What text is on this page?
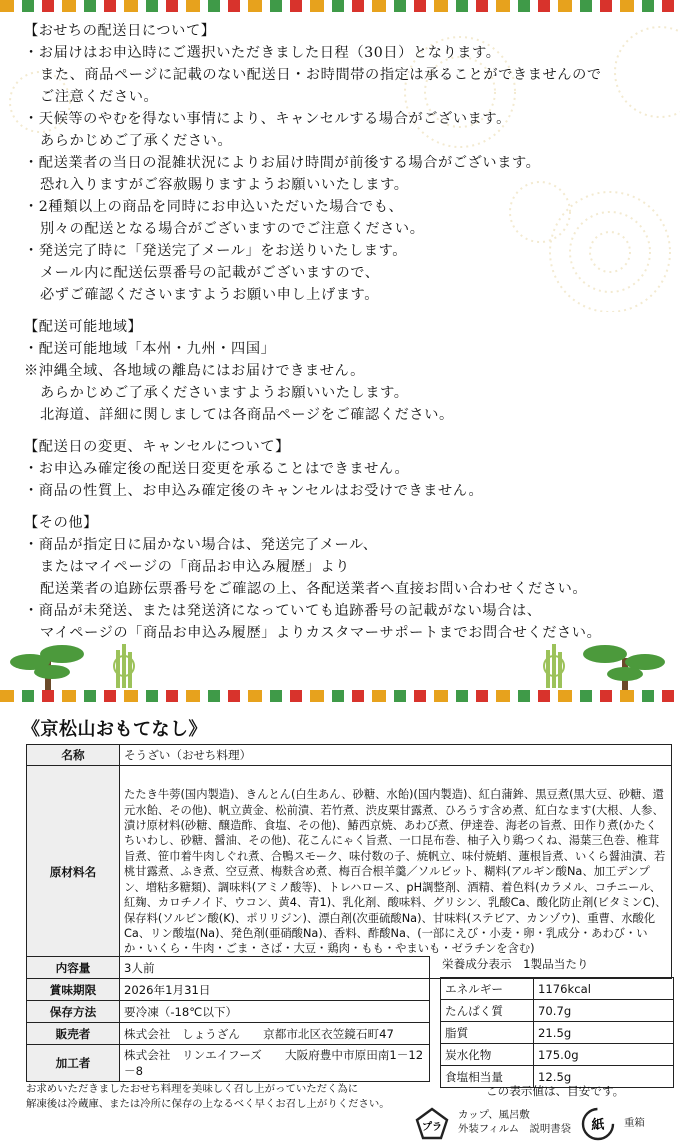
【おせちの配送日について】
・お届けはお申込時にご選択いただきました日程（30日）となります。
また、商品ページに記載のない配送日・お時間帯の指定は承ることができませんので
ご注意ください。
・天候等のやむを得ない事情により、キャンセルする場合がございます。
あらかじめご了承ください。
・配送業者の当日の混雑状況によりお届け時間が前後する場合がございます。
恐れ入りますがご容赦賜りますようお願いいたします。
・2種類以上の商品を同時にお申込いただいた場合でも、
別々の配送となる場合がございますのでご注意ください。
・発送完了時に「発送完了メール」をお送りいたします。
メール内に配送伝票番号の記載がございますので、
必ずご確認くださいますようお願い申し上げます。
【配送可能地域】
・配送可能地域「本州・九州・四国」
※沖縄全域、各地域の離島にはお届けできません。
あらかじめご了承くださいますようお願いいたします。
北海道、詳細に関しましては各商品ページをご確認ください。
【配送日の変更、キャンセルについて】
・お申込み確定後の配送日変更を承ることはできません。
・商品の性質上、お申込み確定後のキャンセルはお受けできません。
【その他】
・商品が指定日に届かない場合は、発送完了メール、
またはマイページの「商品お申込み履歴」より
配送業者の追跡伝票番号をご確認の上、各配送業者へ直接お問い合わせください。
・商品が未発送、または発送済になっていても追跡番号の記載がない場合は、
マイページの「商品お申込み履歴」よりカスタマーサポートまでお問合せください。
《京松山おもてなし》
名称	そうざい（おせち料理）
原材料名	たたき牛蒡(国内製造)、きんとん(白生あん、砂糖、水飴)(国内製造)、紅白蒲鉾、黒豆煮(黒大豆、砂糖、還元水飴、その他)、帆立黄金、松前漬、若竹煮、渋皮栗甘露煮、ひろうす含め煮、紅白なます(大根、人参、漬け原材料(砂糖、醸造酢、食塩、その他)、鰆西京焼、あわび煮、伊達巻、海老の旨煮、田作り煮(かたくちいわし、砂糖、醤油、その他)、花こんにゃく旨煮、一口昆布巻、柚子入り鶏つくね、湯葉三色巻、椎茸旨煮、笹巾着牛肉しぐれ煮、合鴨スモーク、味付数の子、焼帆立、味付焼蛸、蓮根旨煮、いくら醤油漬、若桃甘露煮、ふき煮、空豆煮、梅麩含め煮、梅百合根羊羹／ソルビット、糊料(アルギン酸Na、加工デンプン、増粘多糖類)、調味料(アミノ酸等)、トレハロース、pH調整剤、酒精、着色料(カラメル、コチニール、紅麹、カロチノイド、ウコン、黄4、青1)、乳化剤、酸味料、グリシン、乳酸Ca、酸化防止剤(ビタミンC)、保存料(ソルビン酸(K)、ポリリジン)、漂白剤(次亜硫酸Na)、甘味料(ステビア、カンゾウ)、重曹、水酸化Ca、リン酸塩(Na)、発色剤(亜硝酸Na)、香料、酢酸Na、(一部にえび・小麦・卵・乳成分・あわび・いか・いくら・牛肉・ごま・さば・大豆・鶏肉・もも・やまいも・ゼラチンを含む)
内容量	3人前
賞味期限	2026年1月31日
保存方法	要冷凍（-18℃以下）
販売者	株式会社　しょうざん　　京都市北区衣笠鏡石町47
加工者	株式会社　リンエイフーズ　　大阪府豊中市原田南1－12－8
栄養成分表示　1製品当たり
エネルギー	1176kcal
たんぱく質	70.7g
脂質	21.5g
炭水化物	175.0g
食塩相当量	12.5g
この表示値は、目安です。
お求めいただきましたおせち料理を美味しく召し上がっていただく為に
解凍後は冷蔵庫、または冷所に保存の上なるべく早くお召し上がりください。
プラ
カップ、風呂敷
外装フィルム　説明書袋 紙 重箱
